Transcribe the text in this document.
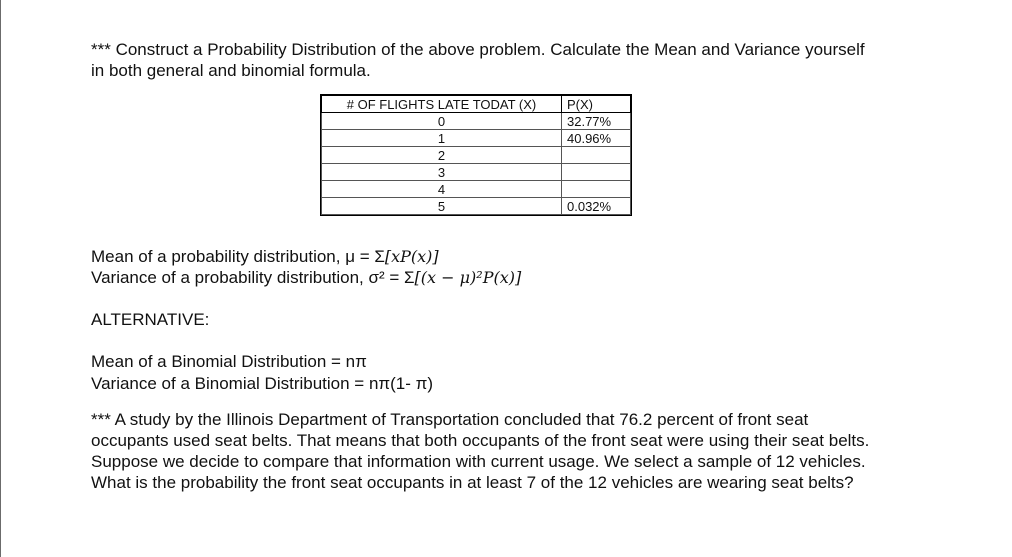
*** Construct a Probability Distribution of the above problem. Calculate the Mean and Variance yourself
in both general and binomial formula.
# OF FLIGHTS LATE TODAT (X)	P(X)
0	32.77%
1	40.96%
2	
3	
4	
5	0.032%
Mean of a probability distribution, μ = Σ[xP(x)]
Variance of a probability distribution, σ² = Σ[(x − μ)²P(x)]
ALTERNATIVE:
Mean of a Binomial Distribution = nπ
Variance of a Binomial Distribution = nπ(1- π)
*** A study by the Illinois Department of Transportation concluded that 76.2 percent of front seat
occupants used seat belts. That means that both occupants of the front seat were using their seat belts.
Suppose we decide to compare that information with current usage. We select a sample of 12 vehicles.
What is the probability the front seat occupants in at least 7 of the 12 vehicles are wearing seat belts?
